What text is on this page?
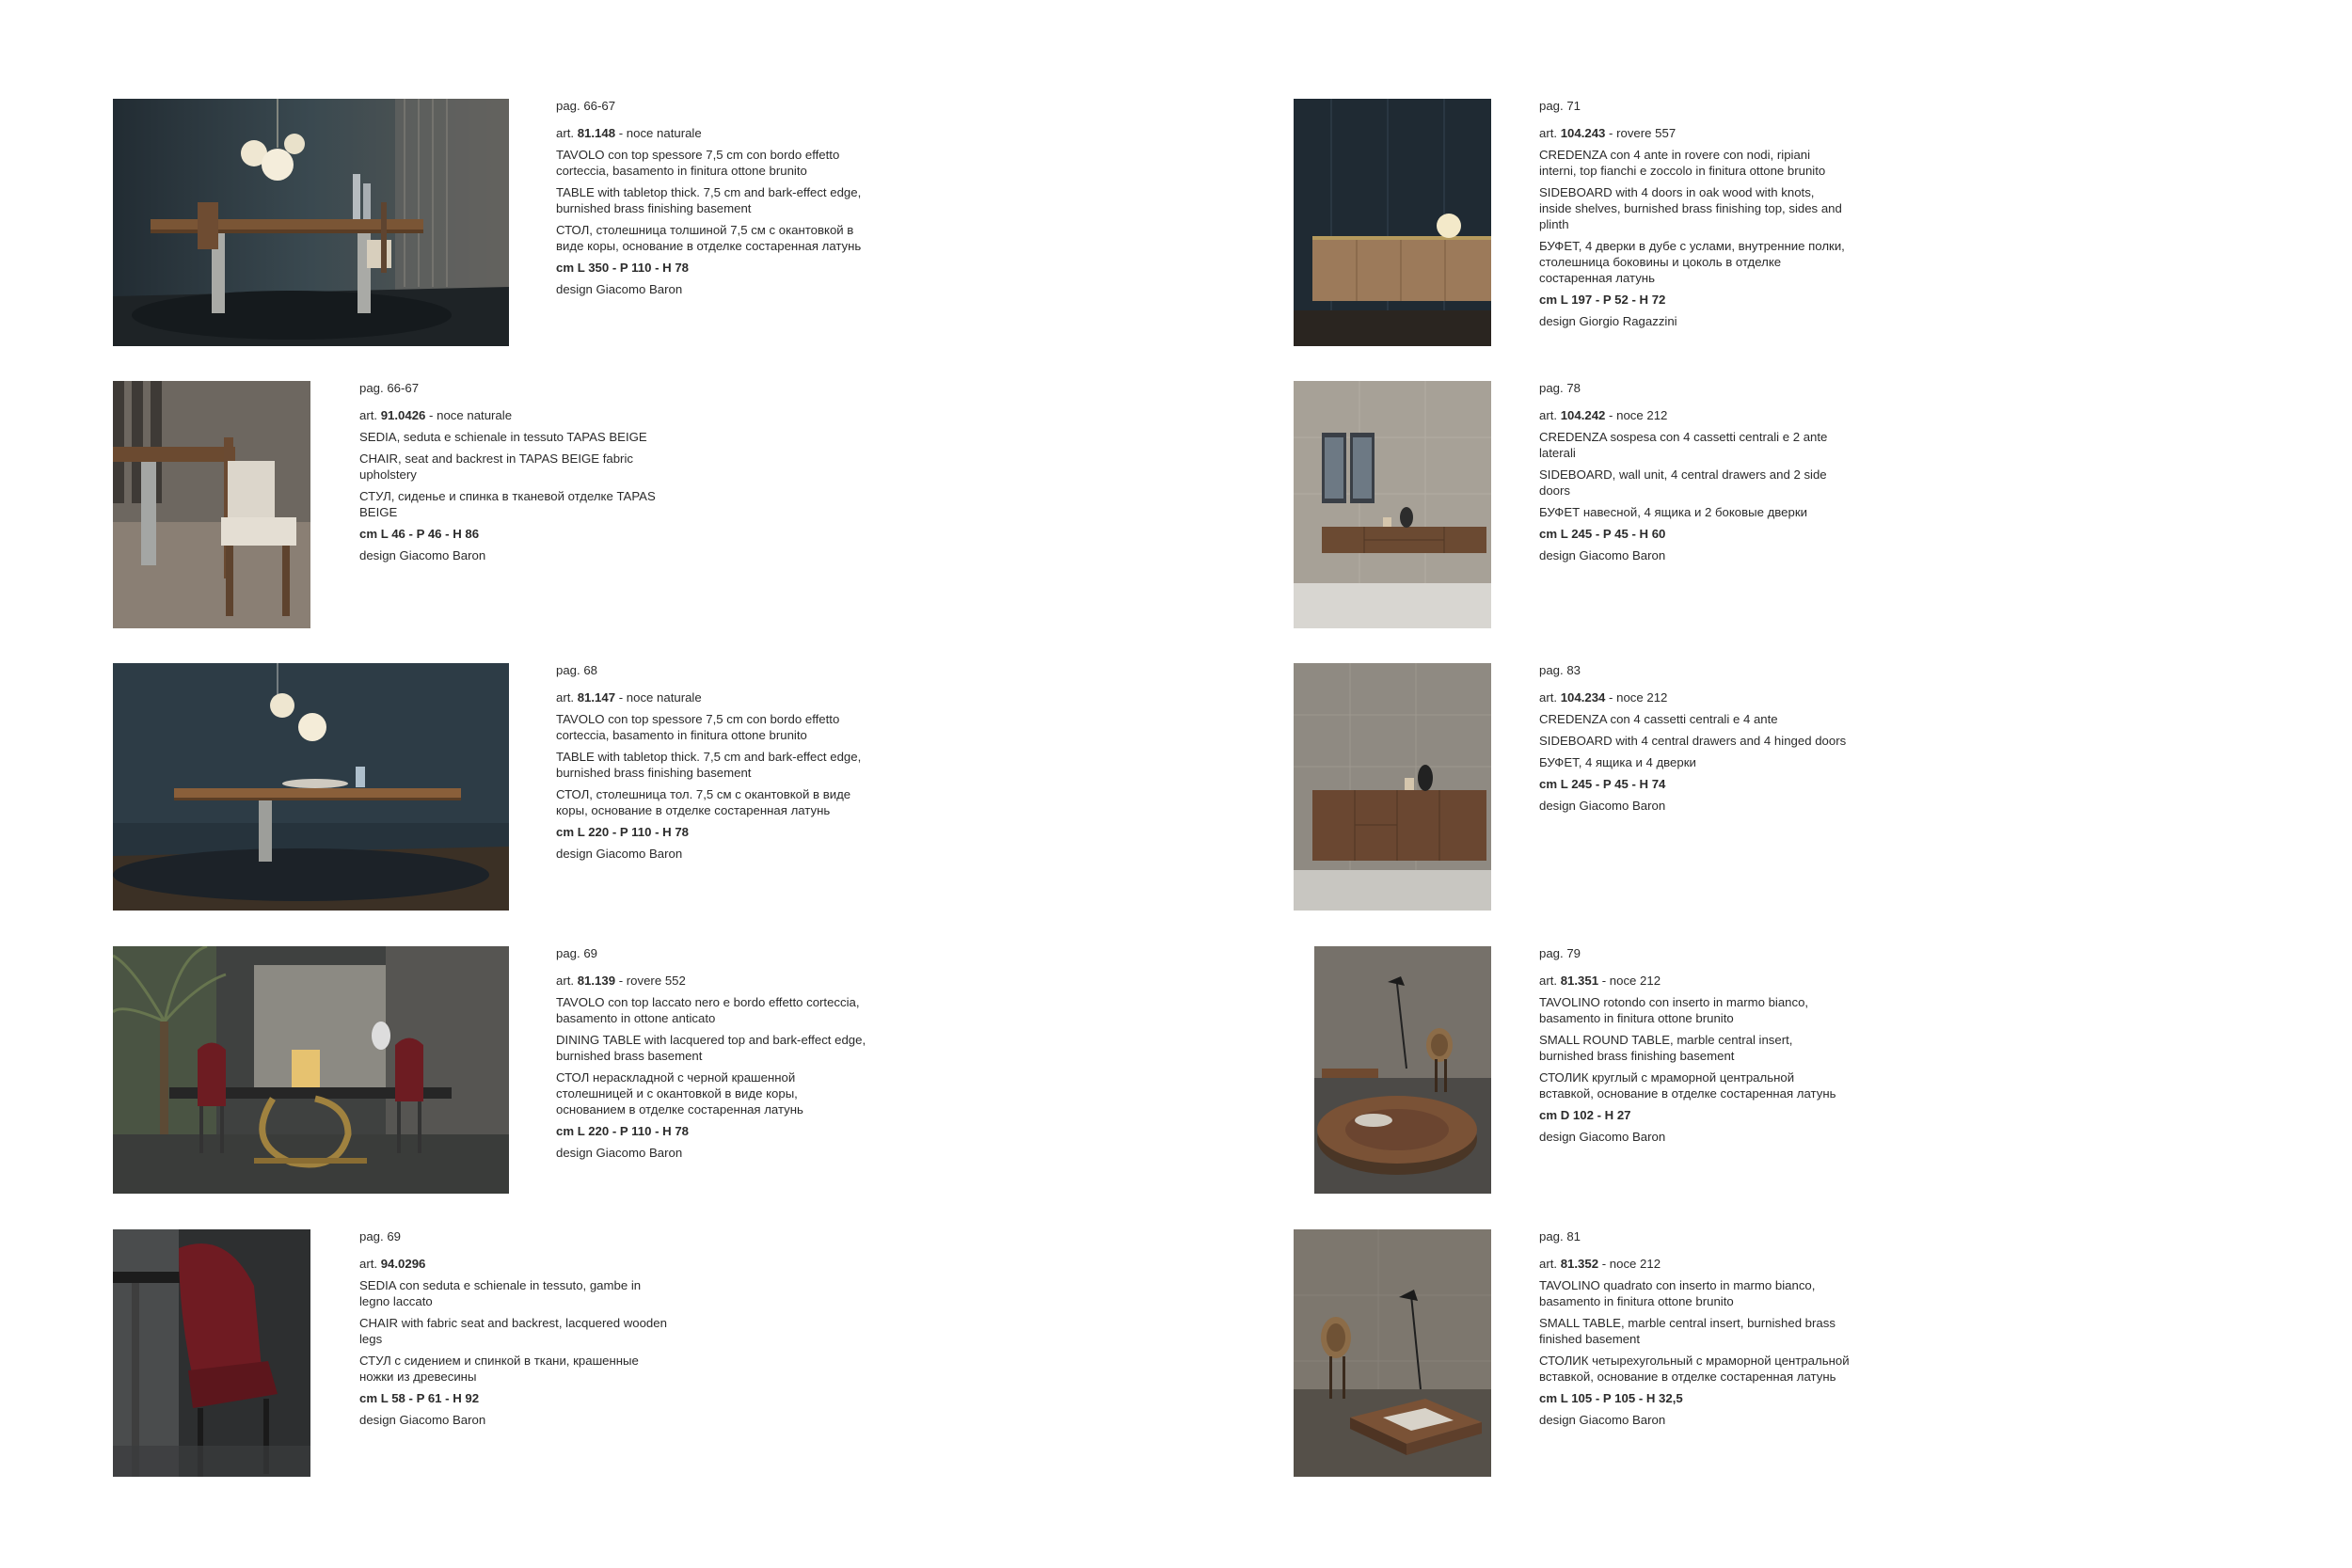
pag. 66-67

art. 81.148 - noce naturale

TAVOLO con top spessore 7,5 cm con bordo effetto corteccia, basamento in finitura ottone brunito

TABLE with tabletop thick. 7,5 cm and bark-effect edge, burnished brass finishing basement

СТОЛ, столешница толшиной 7,5 см с окантовкой в виде коры, основание в отделке состаренная латунь

cm L 350 - P 110 - H 78

design Giacomo Baron

pag. 66-67

art. 91.0426 - noce naturale

SEDIA, seduta e schienale in tessuto TAPAS BEIGE

CHAIR, seat and backrest in TAPAS BEIGE fabric upholstery

СТУЛ, сиденье и спинка в тканевой отделке TAPAS BEIGE

cm L 46 - P 46 - H 86

design Giacomo Baron

pag. 68

art. 81.147 - noce naturale

TAVOLO con top spessore 7,5 cm con bordo effetto corteccia, basamento in finitura ottone brunito

TABLE with tabletop thick. 7,5 cm and bark-effect edge, burnished brass finishing basement

СТОЛ, столешница тол. 7,5 см с окантовкой в виде коры, основание в отделке состаренная латунь

cm L 220 - P 110 - H 78

design Giacomo Baron

pag. 69

art. 81.139 - rovere 552

TAVOLO con top laccato nero e bordo effetto corteccia, basamento in ottone anticato

DINING TABLE with lacquered top and bark-effect edge, burnished brass basement

СТОЛ нераскладной с черной крашенной столешницей и с окантовкой в виде коры, основанием в отделке состаренная латунь

cm L 220 - P 110 - H 78

design Giacomo Baron

pag. 69

art. 94.0296

SEDIA con seduta e schienale in tessuto, gambe in legno laccato

CHAIR with fabric seat and backrest, lacquered wooden legs

СТУЛ с сидением и спинкой в ткани, крашенные ножки из древесины

cm L 58 - P 61 - H 92

design Giacomo Baron

pag. 71

art. 104.243 - rovere 557

CREDENZA con 4 ante in rovere con nodi, ripiani interni, top fianchi e zoccolo in finitura ottone brunito

SIDEBOARD with 4 doors in oak wood with knots, inside shelves, burnished brass finishing top, sides and plinth

БУФЕТ, 4 дверки в дубе с услами, внутренние полки, столешница боковины и цоколь в отделке состаренная латунь

cm L 197 - P 52 - H 72

design Giorgio Ragazzini

pag. 78

art. 104.242 - noce 212

CREDENZA sospesa con 4 cassetti centrali e 2 ante laterali

SIDEBOARD, wall unit, 4 central drawers and 2 side doors

БУФЕТ навесной, 4 ящика и 2 боковые дверки

cm L 245 - P 45 - H 60

design Giacomo Baron

pag. 83

art. 104.234 - noce 212

CREDENZA con 4 cassetti centrali e 4 ante

SIDEBOARD with 4 central drawers and 4 hinged doors

БУФЕТ, 4 ящика и 4 дверки

cm L 245 - P 45 - H 74

design Giacomo Baron

pag. 79

art. 81.351 - noce 212

TAVOLINO rotondo con inserto in marmo bianco, basamento in finitura ottone brunito

SMALL ROUND TABLE, marble central insert, burnished brass finishing basement

СТОЛИК круглый с мраморной центральной вставкой, основание в отделке состаренная латунь

cm D 102 - H 27

design Giacomo Baron

pag. 81

art. 81.352 - noce 212

TAVOLINO quadrato con inserto in marmo bianco, basamento in finitura ottone brunito

SMALL TABLE, marble central insert, burnished brass finished basement

СТОЛИК четырехугольный с мраморной центральной вставкой, основание в отделке состаренная латунь

cm L 105 - P 105 - H 32,5

design Giacomo Baron
